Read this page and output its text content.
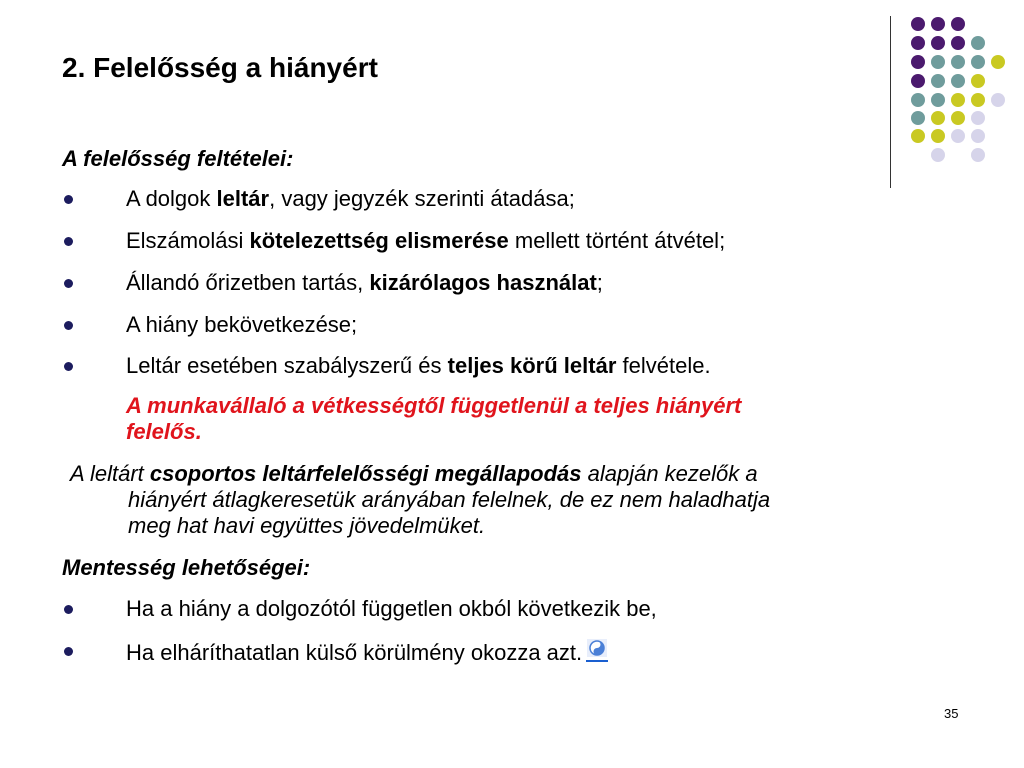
2. Felelősség a hiányért
A felelősség feltételei:
A dolgok leltár, vagy jegyzék szerinti átadása;
Elszámolási kötelezettség elismerése mellett történt átvétel;
Állandó őrizetben tartás, kizárólagos használat;
A hiány bekövetkezése;
Leltár esetében szabályszerű és teljes körű leltár felvétele.
A munkavállaló a vétkességtől függetlenül a teljes hiányért
felelős.
A leltárt csoportos leltárfelelősségi megállapodás alapján kezelők a
hiányért átlagkeresetük arányában felelnek, de ez nem haladhatja
meg hat havi együttes jövedelmüket.
Mentesség lehetőségei:
Ha a hiány a dolgozótól független okból következik be,
Ha elháríthatatlan külső körülmény okozza azt.
35
